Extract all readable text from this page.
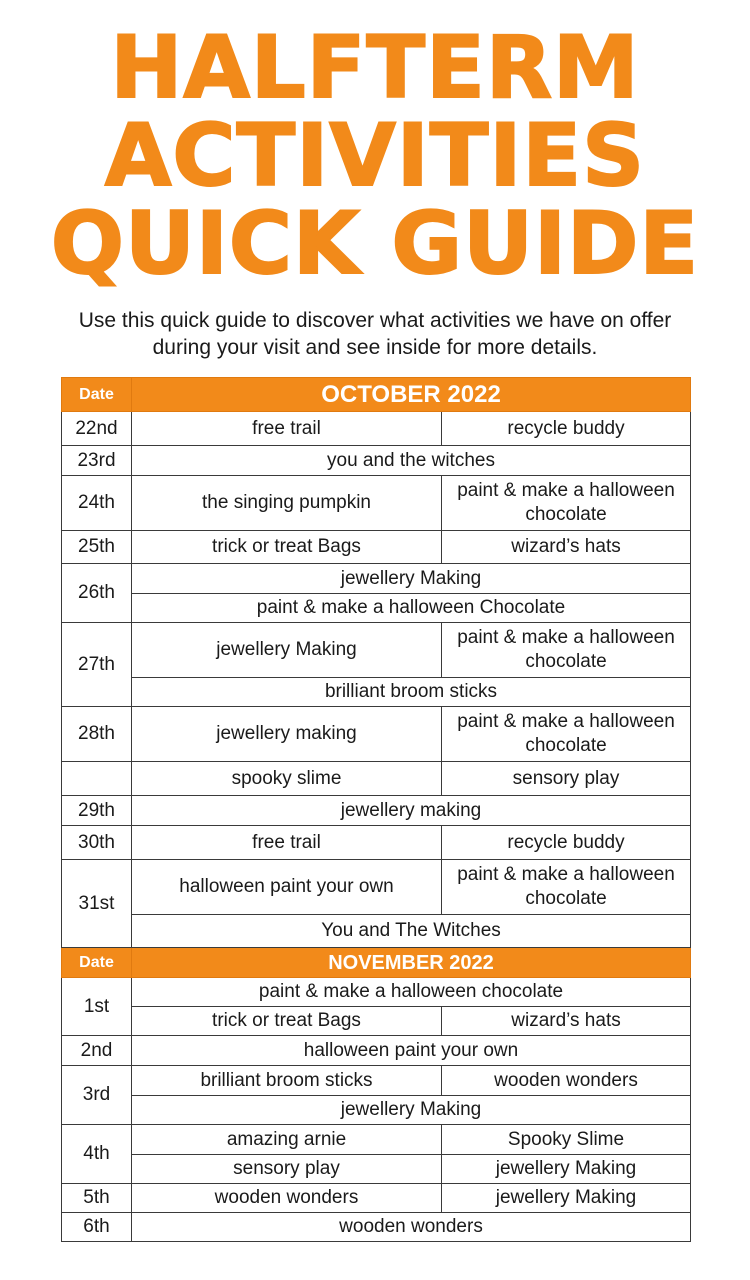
HALFTERM
ACTIVITIES
QUICK GUIDE

Use this quick guide to discover what activities we have on offer during your visit and see inside for more details.

Date	OCTOBER 2022	
22nd	free trail	recycle buddy
23rd	you and the witches	
24th	the singing pumpkin	paint & make a halloween chocolate
25th	trick or treat Bags	wizard’s hats
26th	jewellery Making	
	paint & make a halloween Chocolate	
27th	jewellery Making	paint & make a halloween chocolate
	brilliant broom sticks	
28th	jewellery making	paint & make a halloween chocolate
	spooky slime	sensory play
29th	jewellery making	
30th	free trail	recycle buddy
31st	halloween paint your own	paint & make a halloween chocolate
	You and The Witches	
Date	NOVEMBER 2022	
1st	paint & make a halloween chocolate	
	trick or treat Bags	wizard’s hats
2nd	halloween paint your own	
3rd	brilliant broom sticks	wooden wonders
	jewellery Making	
4th	amazing arnie	Spooky Slime
	sensory play	jewellery Making
5th	wooden wonders	jewellery Making
6th	wooden wonders	
